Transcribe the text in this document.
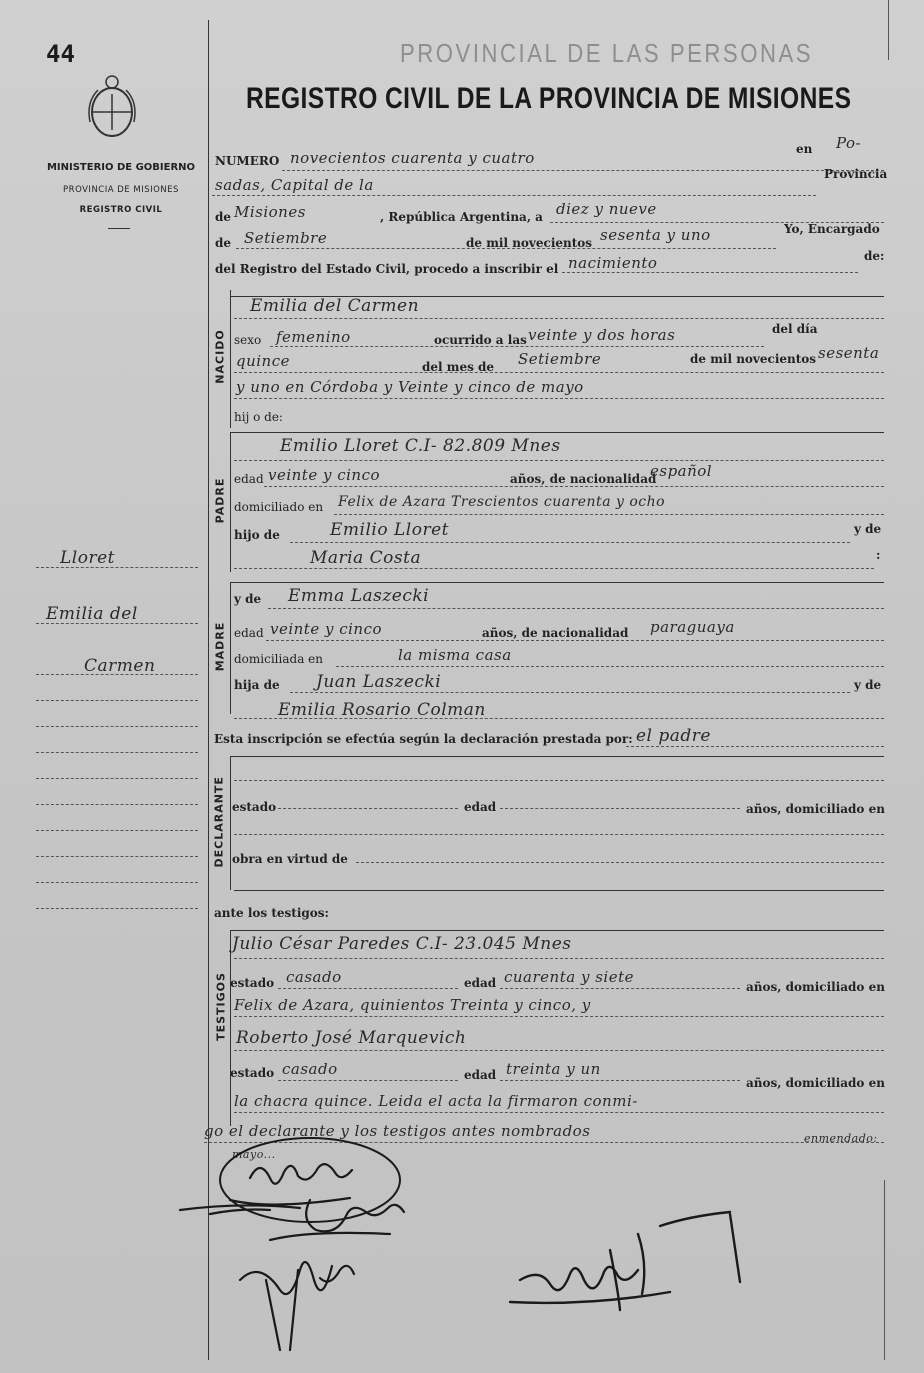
44
MINISTERIO DE GOBIERNO
PROVINCIA DE MISIONES
REGISTRO CIVIL
PROVINCIAL DE LAS PERSONAS
REGISTRO CIVIL DE LA PROVINCIA DE MISIONES
Lloret
Emilia del
Carmen
NUMERO novecientos cuarenta y cuatro	en Po-
sadas, Capital de la
Provincia
de Misiones	, República Argentina, a diez y nueve
de Setiembre	de mil novecientos sesenta y uno	Yo, Encargado
del Registro del Estado Civil, procedo a inscribir el nacimiento	de:
NACIDO
Emilia del Carmen
sexo femenino	ocurrido a las veinte y dos horas	del día
quince	del mes de Setiembre	de mil novecientos sesenta
y uno en Córdoba y Veinte y cinco de mayo
hij o de:
PADRE
Emilio Lloret C.I- 82.809 Mnes
edad veinte y cinco	años, de nacionalidad
español
domiciliado en Felix de Azara Trescientos cuarenta y ocho
hijo de	Emilio Lloret	y de
Maria Costa	:
MADRE
y de Emma Laszecki
edad veinte y cinco	años, de nacionalidad paraguaya
domiciliada en	la misma casa
hija de Juan Laszecki	y de
Emilia Rosario Colman
Esta inscripción se efectúa según la declaración prestada por: el padre
DECLARANTE estado	edad	años, domiciliado en
obra en virtud de
ante los testigos:
TESTIGOS
Julio César Paredes C.I- 23.045 Mnes
estado casado	edad cuarenta y siete
años, domiciliado en
Felix de Azara, quinientos Treinta y cinco, y
Roberto José Marquevich
estado casado	edad treinta y un
años, domiciliado en
la chacra quince. Leida el acta la firmaron conmi-
go el declarante y los testigos antes nombrados	enmendado:
mayo...
